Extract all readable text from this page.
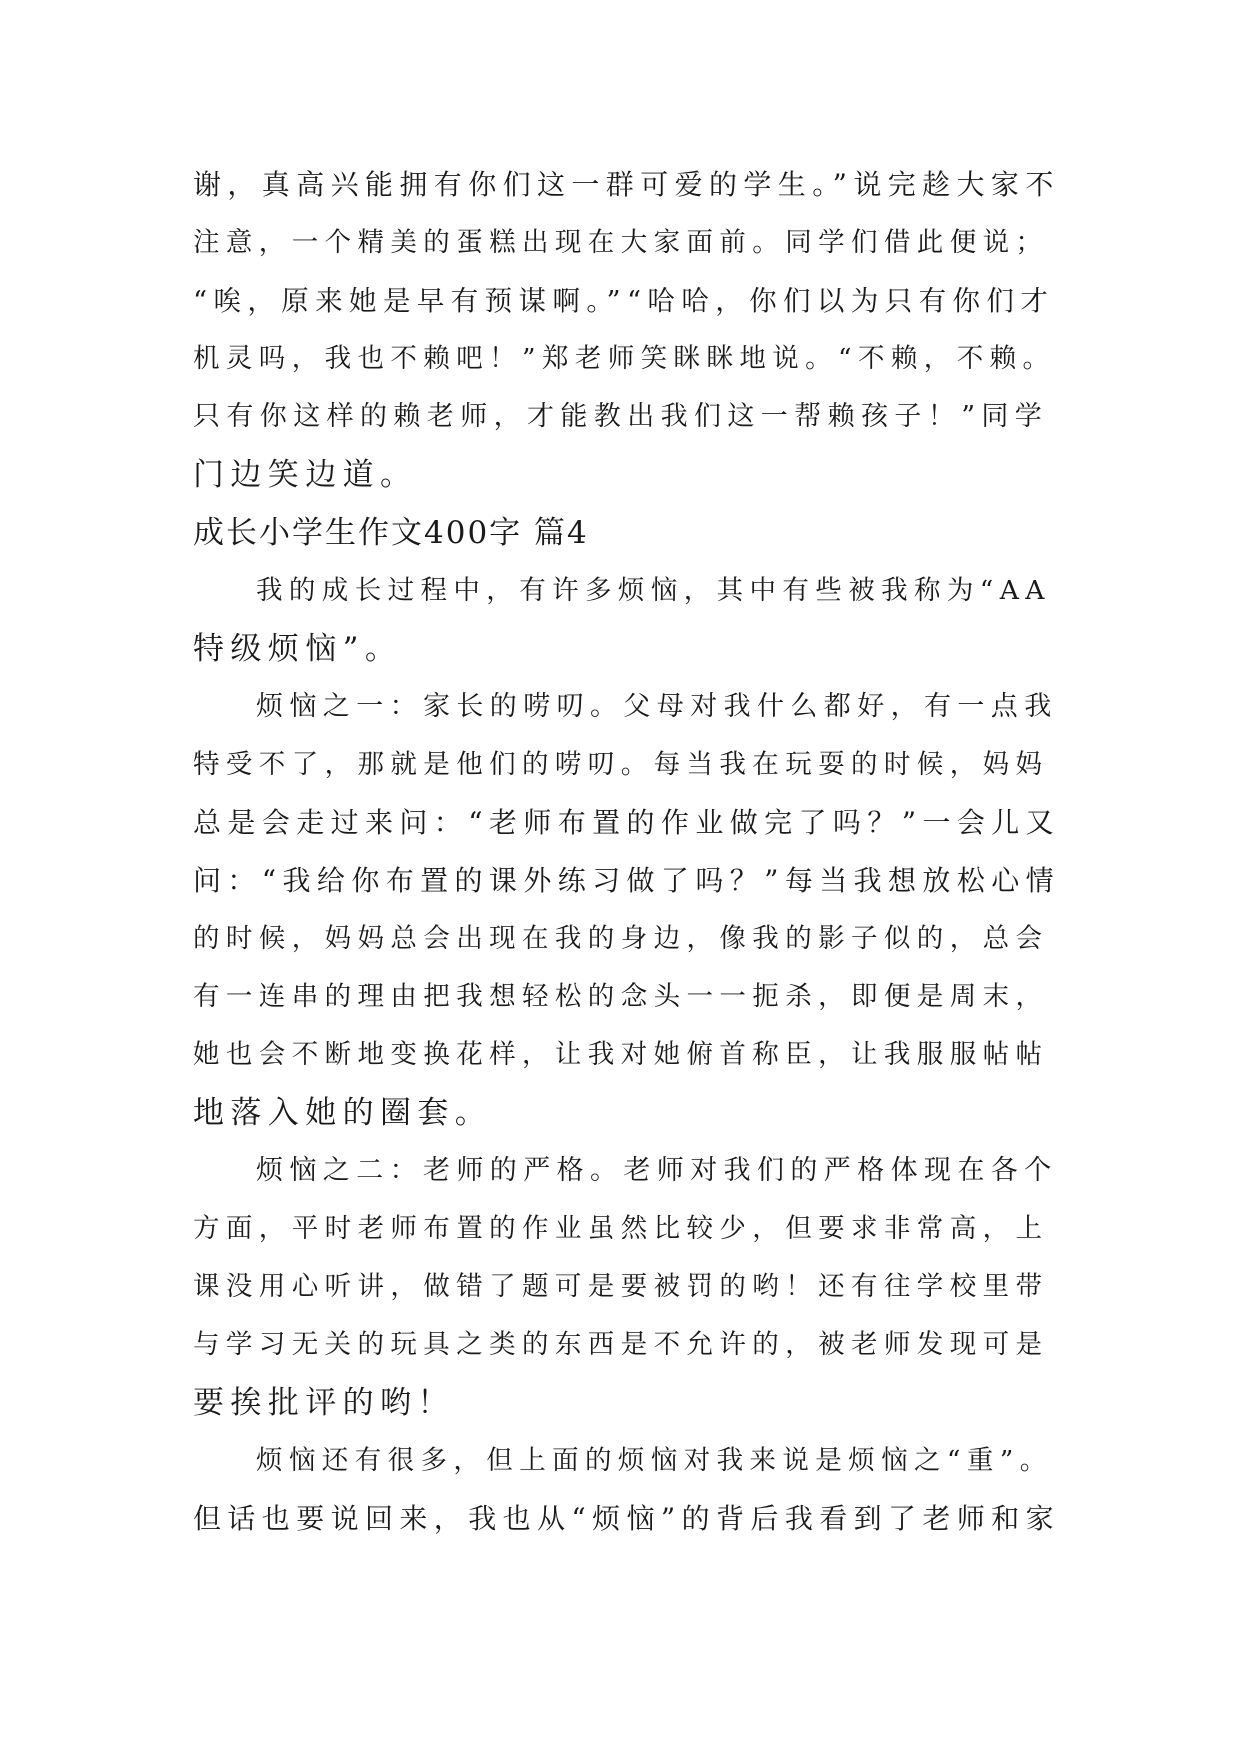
谢，真高兴能拥有你们这一群可爱的学生。”说完趁大家不

注意，一个精美的蛋糕出现在大家面前。同学们借此便说；

“唉，原来她是早有预谋啊。”“哈哈，你们以为只有你们才

机灵吗，我也不赖吧！”郑老师笑眯眯地说。“不赖，不赖。

只有你这样的赖老师，才能教出我们这一帮赖孩子！”同学

门边笑边道。

成长小学生作文400字 篇4

我的成长过程中，有许多烦恼，其中有些被我称为“AA

特级烦恼”。

烦恼之一：家长的唠叨。父母对我什么都好，有一点我

特受不了，那就是他们的唠叨。每当我在玩耍的时候，妈妈

总是会走过来问：“老师布置的作业做完了吗？”一会儿又

问：“我给你布置的课外练习做了吗？”每当我想放松心情

的时候，妈妈总会出现在我的身边，像我的影子似的，总会

有一连串的理由把我想轻松的念头一一扼杀，即便是周末，

她也会不断地变换花样，让我对她俯首称臣，让我服服帖帖

地落入她的圈套。

烦恼之二：老师的严格。老师对我们的严格体现在各个

方面，平时老师布置的作业虽然比较少，但要求非常高，上

课没用心听讲，做错了题可是要被罚的哟！还有往学校里带

与学习无关的玩具之类的东西是不允许的，被老师发现可是

要挨批评的哟！

烦恼还有很多，但上面的烦恼对我来说是烦恼之“重”。

但话也要说回来，我也从“烦恼”的背后我看到了老师和家
